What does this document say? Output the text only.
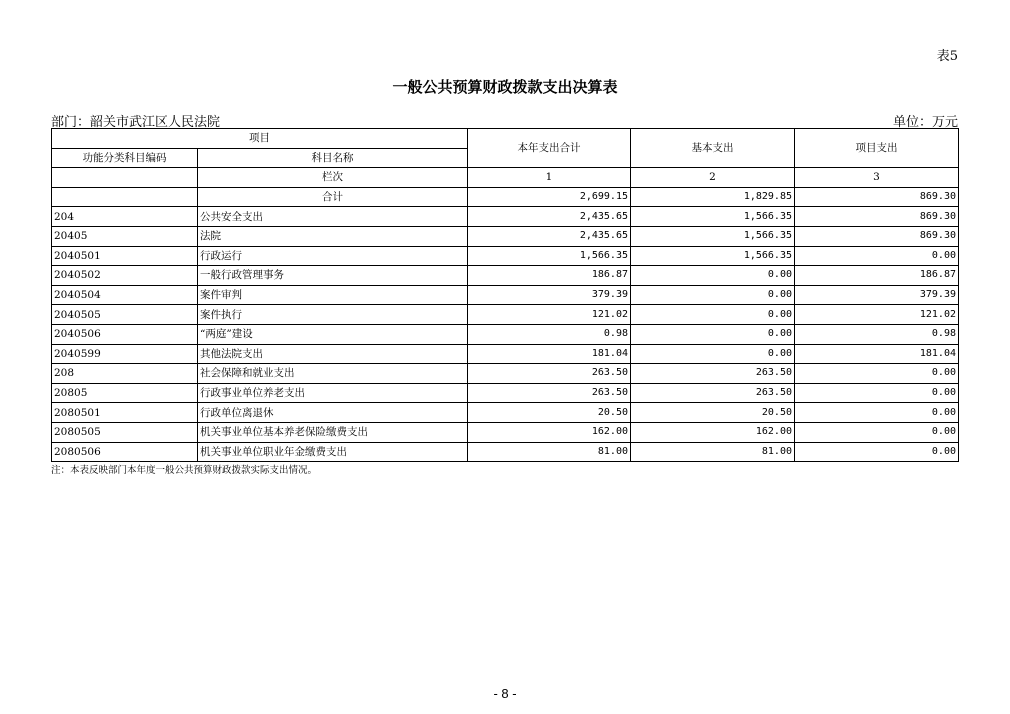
表5
一般公共预算财政拨款支出决算表
部门：韶关市武江区人民法院	单位：万元
项目		本年支出合计	基本支出	项目支出
功能分类科目编码	科目名称			
	栏次	1	2	3
	合计	2,699.15	1,829.85	869.30
204	公共安全支出	2,435.65	1,566.35	869.30
20405	法院	2,435.65	1,566.35	869.30
2040501	行政运行	1,566.35	1,566.35	0.00
2040502	一般行政管理事务	186.87	0.00	186.87
2040504	案件审判	379.39	0.00	379.39
2040505	案件执行	121.02	0.00	121.02
2040506	“两庭”建设	0.98	0.00	0.98
2040599	其他法院支出	181.04	0.00	181.04
208	社会保障和就业支出	263.50	263.50	0.00
20805	行政事业单位养老支出	263.50	263.50	0.00
2080501	行政单位离退休	20.50	20.50	0.00
2080505	机关事业单位基本养老保险缴费支出	162.00	162.00	0.00
2080506	机关事业单位职业年金缴费支出	81.00	81.00	0.00
注：本表反映部门本年度一般公共预算财政拨款实际支出情况。
- 8 -
